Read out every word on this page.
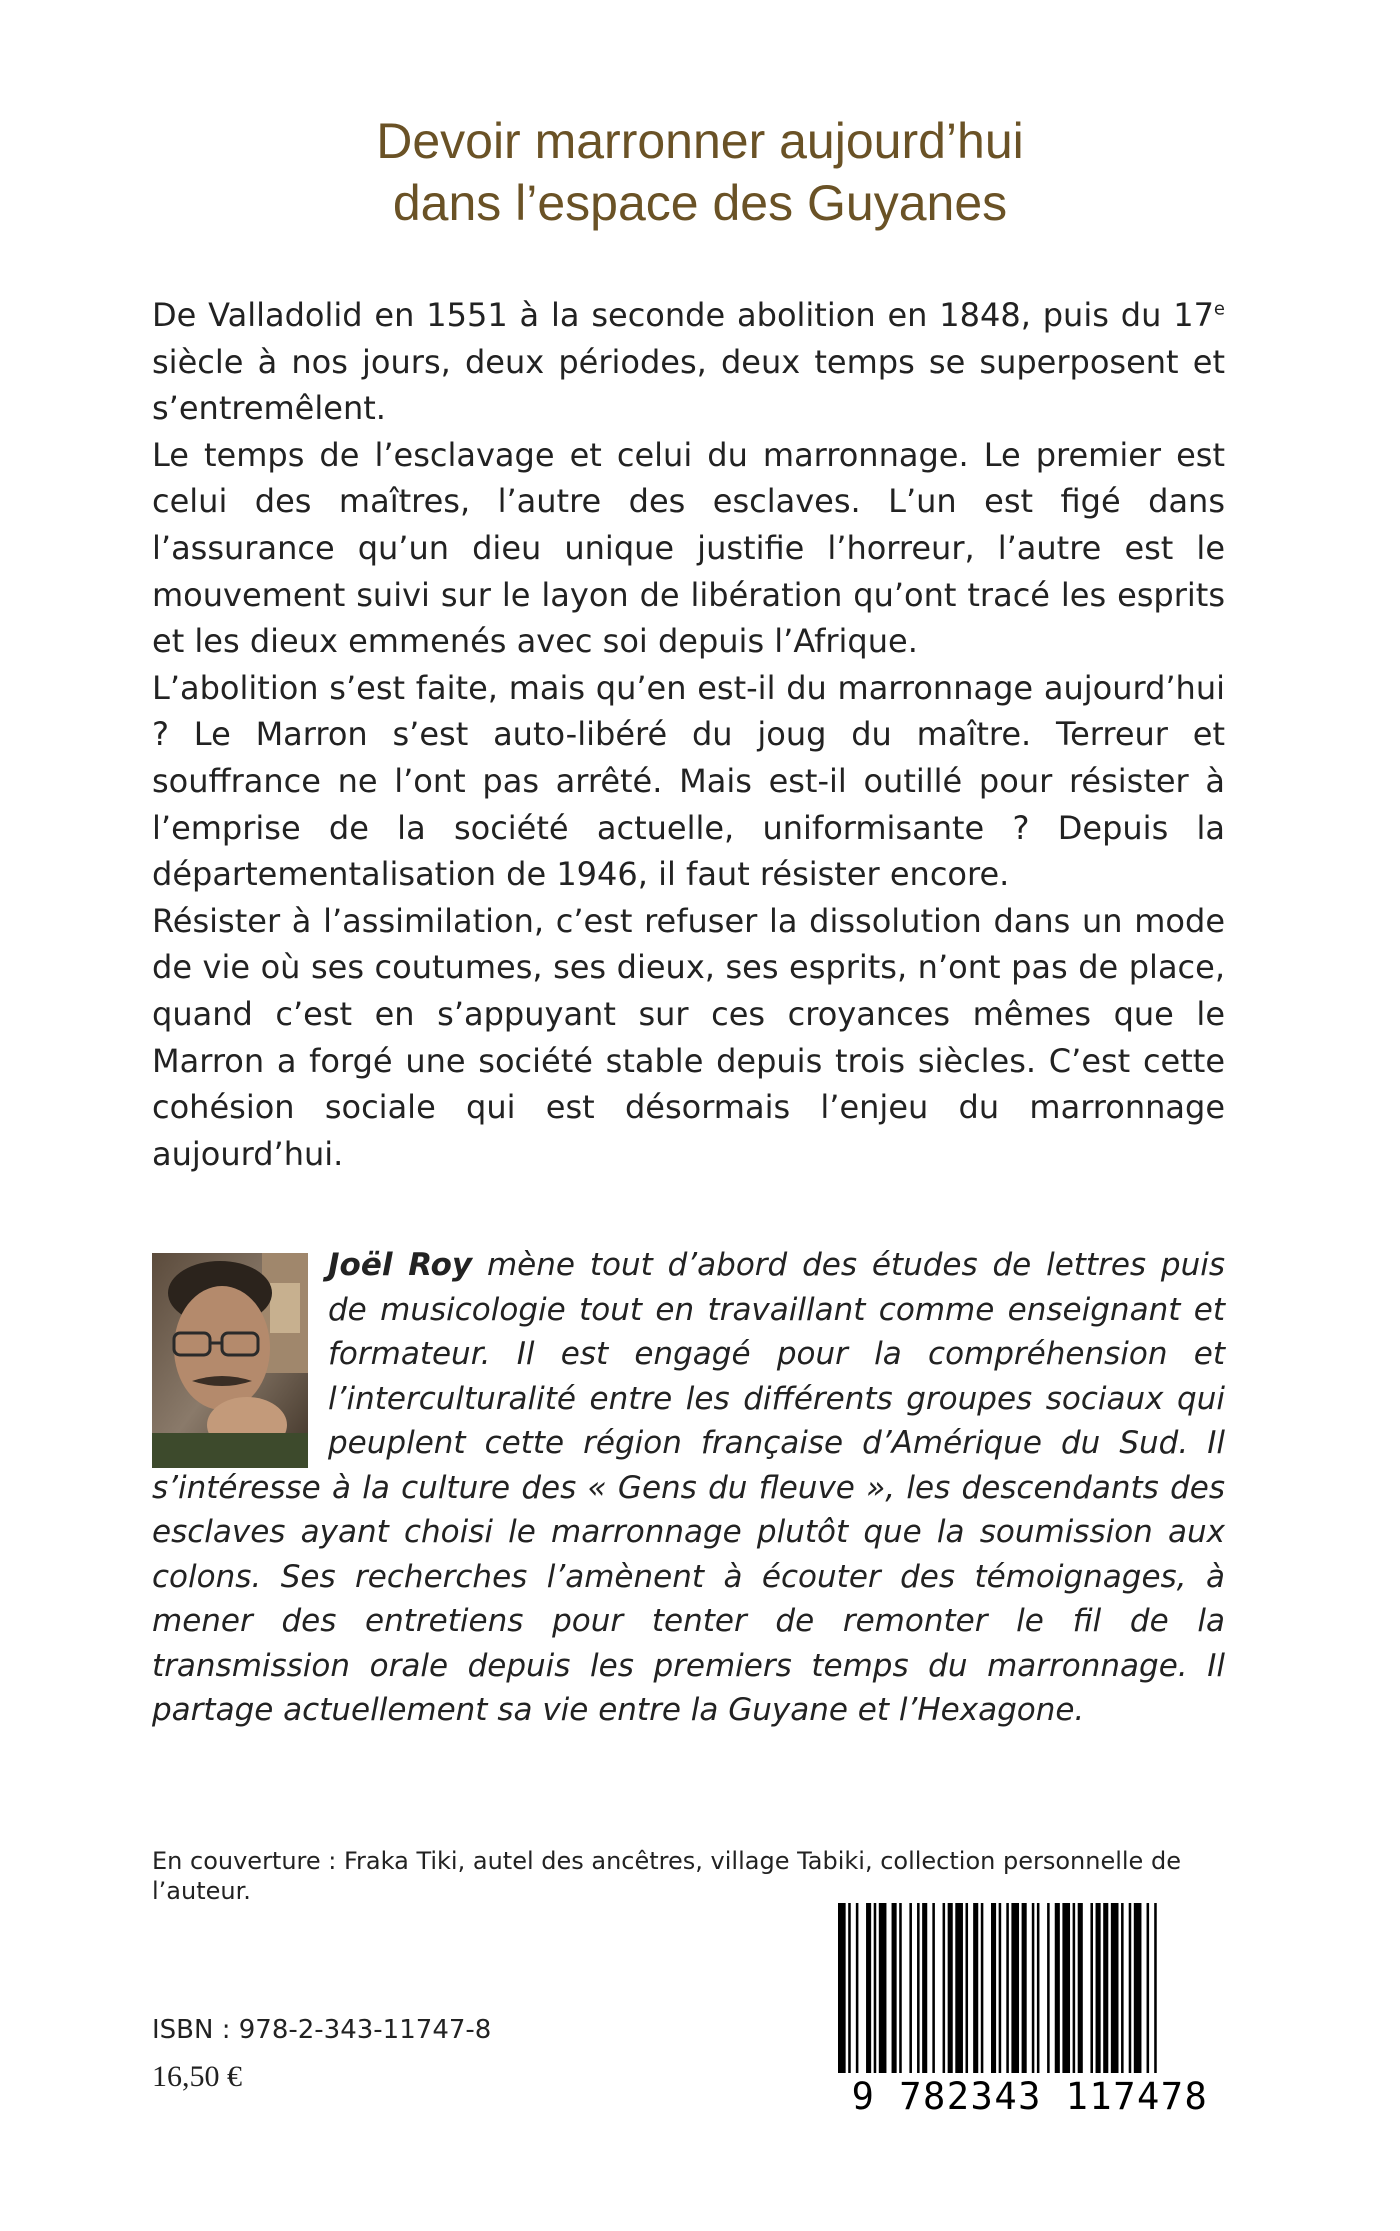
Devoir marronner aujourd’hui
dans l’espace des Guyanes

De Valladolid en 1551 à la seconde abolition en 1848, puis du 17e siècle à nos jours, deux périodes, deux temps se superposent et s’entremêlent.

Le temps de l’esclavage et celui du marronnage. Le premier est celui des maîtres, l’autre des esclaves. L’un est figé dans l’assurance qu’un dieu unique justifie l’horreur, l’autre est le mouvement suivi sur le layon de libération qu’ont tracé les esprits et les dieux emmenés avec soi depuis l’Afrique.

L’abolition s’est faite, mais qu’en est-il du marronnage aujourd’hui ? Le Marron s’est auto-libéré du joug du maître. Terreur et souffrance ne l’ont pas arrêté. Mais est-il outillé pour résister à l’emprise de la société actuelle, uniformisante ? Depuis la départementalisation de 1946, il faut résister encore.

Résister à l’assimilation, c’est refuser la dissolution dans un mode de vie où ses coutumes, ses dieux, ses esprits, n’ont pas de place, quand c’est en s’appuyant sur ces croyances mêmes que le Marron a forgé une société stable depuis trois siècles. C’est cette cohésion sociale qui est désormais l’enjeu du marronnage aujourd’hui.

Joël Roy mène tout d’abord des études de lettres puis de musicologie tout en travaillant comme enseignant et formateur. Il est engagé pour la compréhension et l’interculturalité entre les différents groupes sociaux qui peuplent cette région française d’Amérique du Sud. Il s’intéresse à la culture des « Gens du fleuve », les descendants des esclaves ayant choisi le marronnage plutôt que la soumission aux colons. Ses recherches l’amènent à écouter des témoignages, à mener des entretiens pour tenter de remonter le fil de la transmission orale depuis les premiers temps du marronnage. Il partage actuellement sa vie entre la Guyane et l’Hexagone.
En couverture : Fraka Tiki, autel des ancêtres, village Tabiki, collection personnelle de l’auteur.
9 782343 117478
ISBN : 978-2-343-11747-8
16,50 €
